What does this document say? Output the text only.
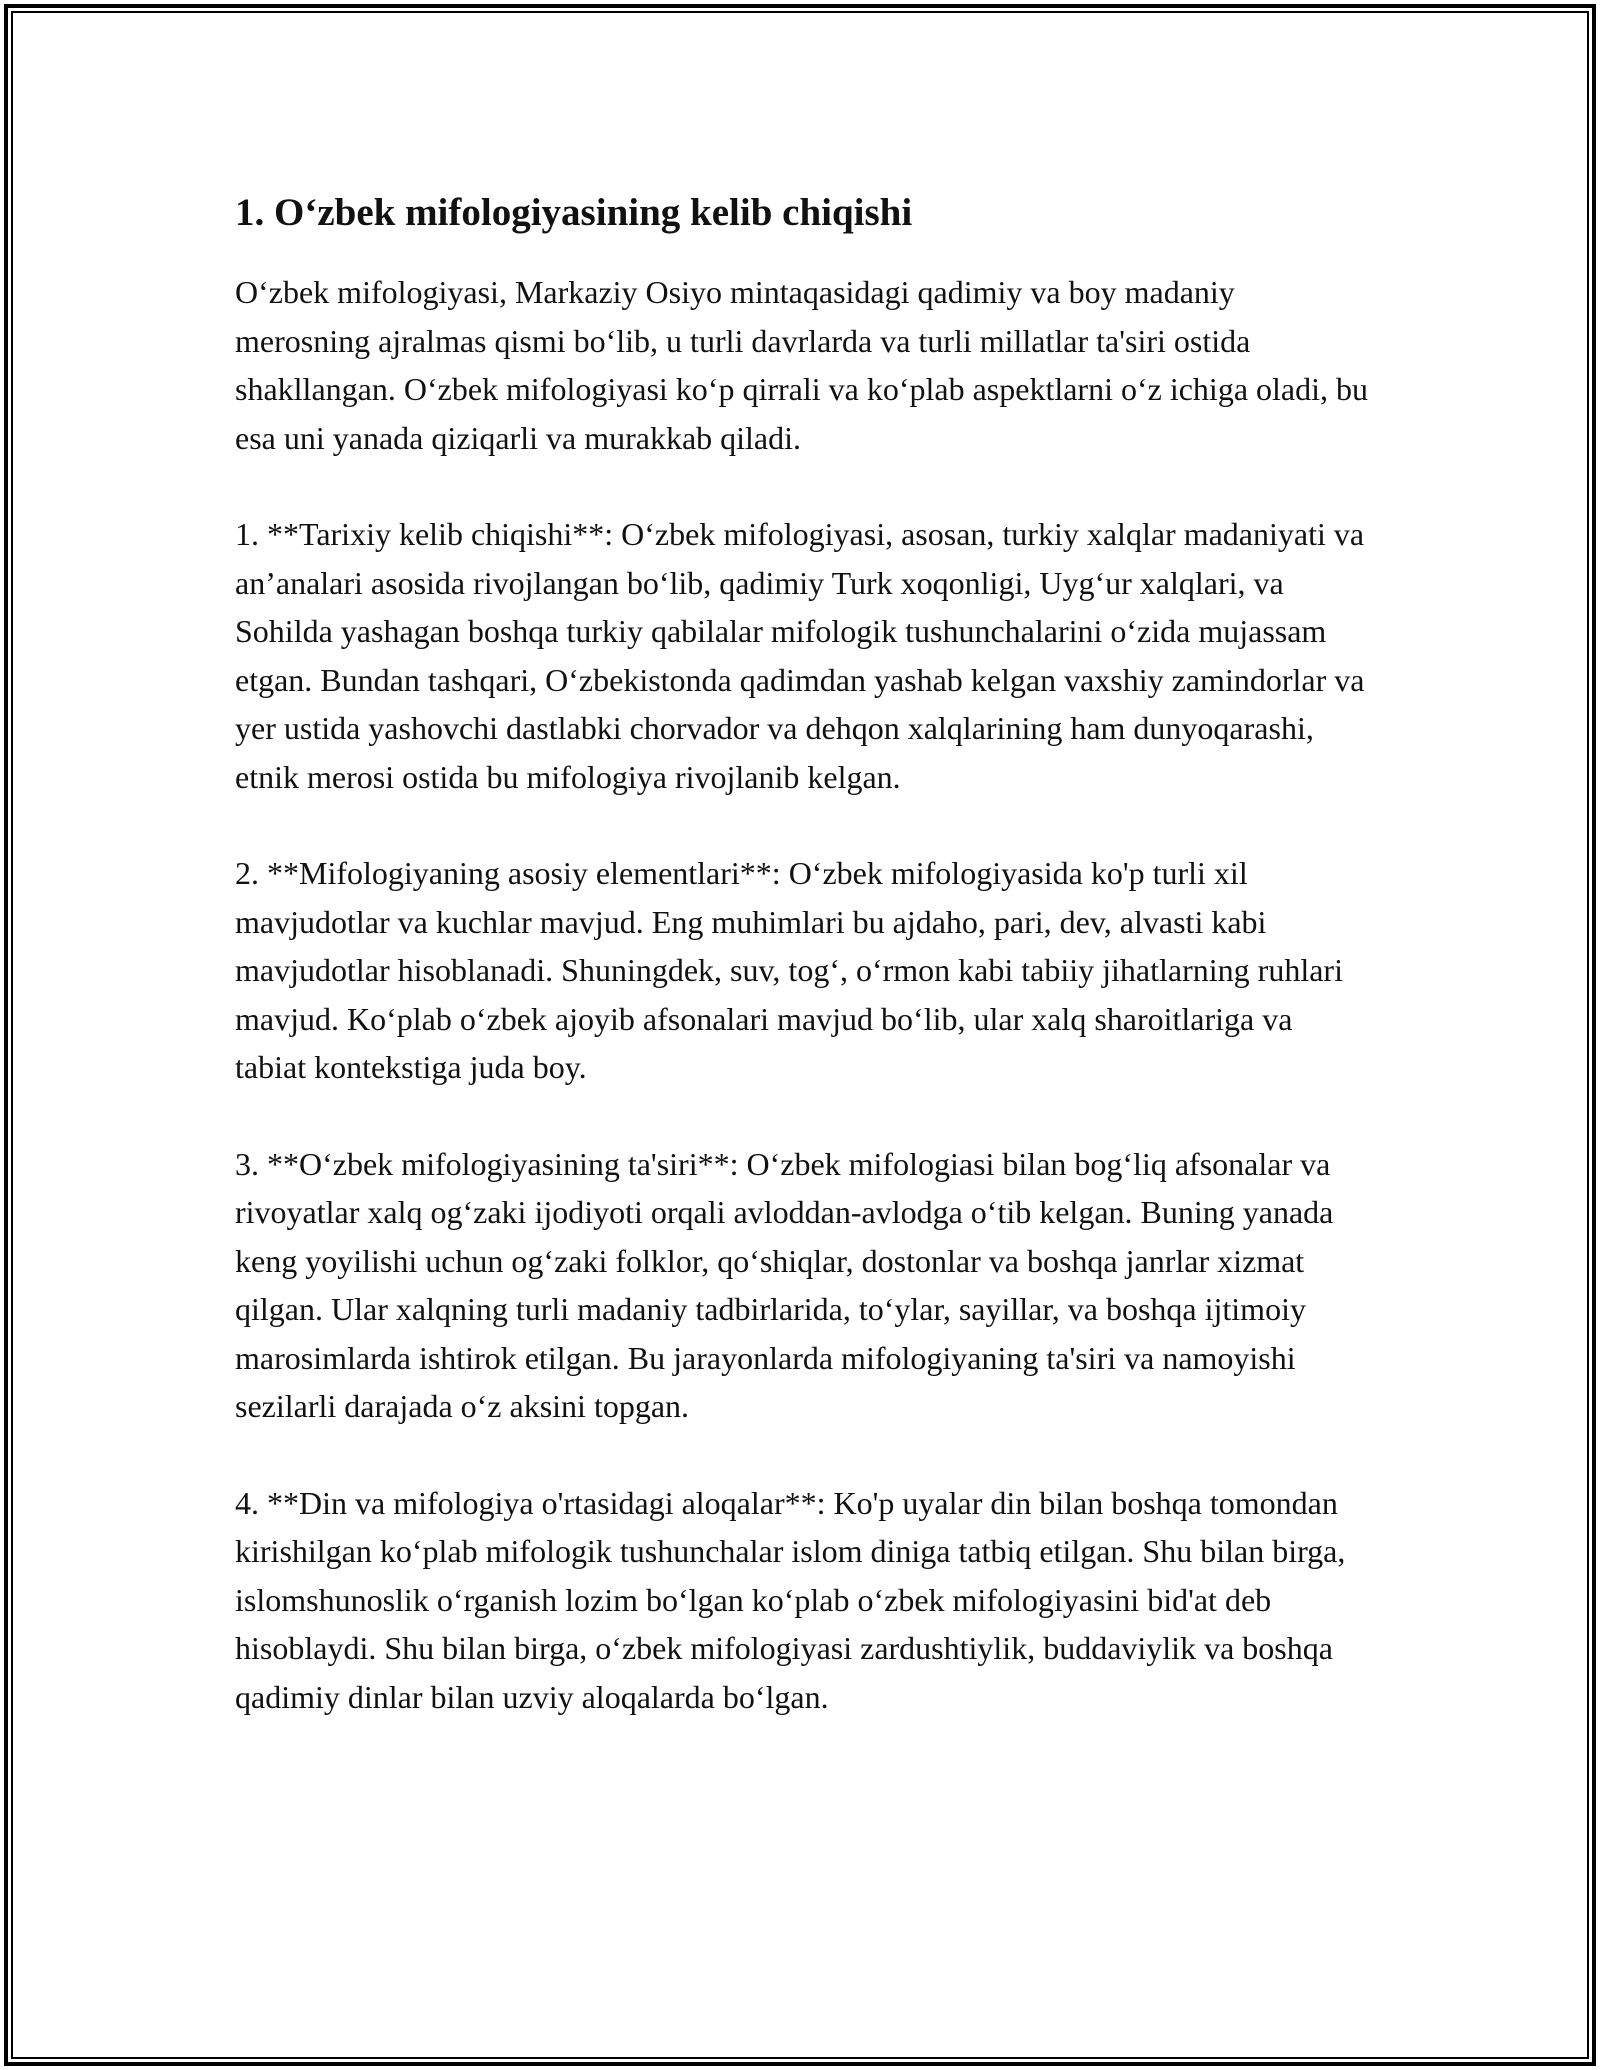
1. O‘zbek mifologiyasining kelib chiqishi

O‘zbek mifologiyasi, Markaziy Osiyo mintaqasidagi qadimiy va boy madaniy merosning ajralmas qismi bo‘lib, u turli davrlarda va turli millatlar ta'siri ostida shakllangan. O‘zbek mifologiyasi ko‘p qirrali va ko‘plab aspektlarni o‘z ichiga oladi, bu esa uni yanada qiziqarli va murakkab qiladi.

1. **Tarixiy kelib chiqishi**: O‘zbek mifologiyasi, asosan, turkiy xalqlar madaniyati va an’analari asosida rivojlangan bo‘lib, qadimiy Turk xoqonligi, Uyg‘ur xalqlari, va Sohilda yashagan boshqa turkiy qabilalar mifologik tushunchalarini o‘zida mujassam etgan. Bundan tashqari, O‘zbekistonda qadimdan yashab kelgan vaxshiy zamindorlar va yer ustida yashovchi dastlabki chorvador va dehqon xalqlarining ham dunyoqarashi, etnik merosi ostida bu mifologiya rivojlanib kelgan.

2. **Mifologiyaning asosiy elementlari**: O‘zbek mifologiyasida ko'p turli xil mavjudotlar va kuchlar mavjud. Eng muhimlari bu ajdaho, pari, dev, alvasti kabi mavjudotlar hisoblanadi. Shuningdek, suv, tog‘, o‘rmon kabi tabiiy jihatlarning ruhlari mavjud. Ko‘plab o‘zbek ajoyib afsonalari mavjud bo‘lib, ular xalq sharoitlariga va tabiat kontekstiga juda boy.

3. **O‘zbek mifologiyasining ta'siri**: O‘zbek mifologiasi bilan bog‘liq afsonalar va rivoyatlar xalq og‘zaki ijodiyoti orqali avloddan-avlodga o‘tib kelgan. Buning yanada keng yoyilishi uchun og‘zaki folklor, qo‘shiqlar, dostonlar va boshqa janrlar xizmat qilgan. Ular xalqning turli madaniy tadbirlarida, to‘ylar, sayillar, va boshqa ijtimoiy marosimlarda ishtirok etilgan. Bu jarayonlarda mifologiyaning ta'siri va namoyishi sezilarli darajada o‘z aksini topgan.

4. **Din va mifologiya o'rtasidagi aloqalar**: Ko'p uyalar din bilan boshqa tomondan kirishilgan ko‘plab mifologik tushunchalar islom diniga tatbiq etilgan. Shu bilan birga, islomshunoslik o‘rganish lozim bo‘lgan ko‘plab o‘zbek mifologiyasini bid'at deb hisoblaydi. Shu bilan birga, o‘zbek mifologiyasi zardushtiylik, buddaviylik va boshqa qadimiy dinlar bilan uzviy aloqalarda bo‘lgan.
